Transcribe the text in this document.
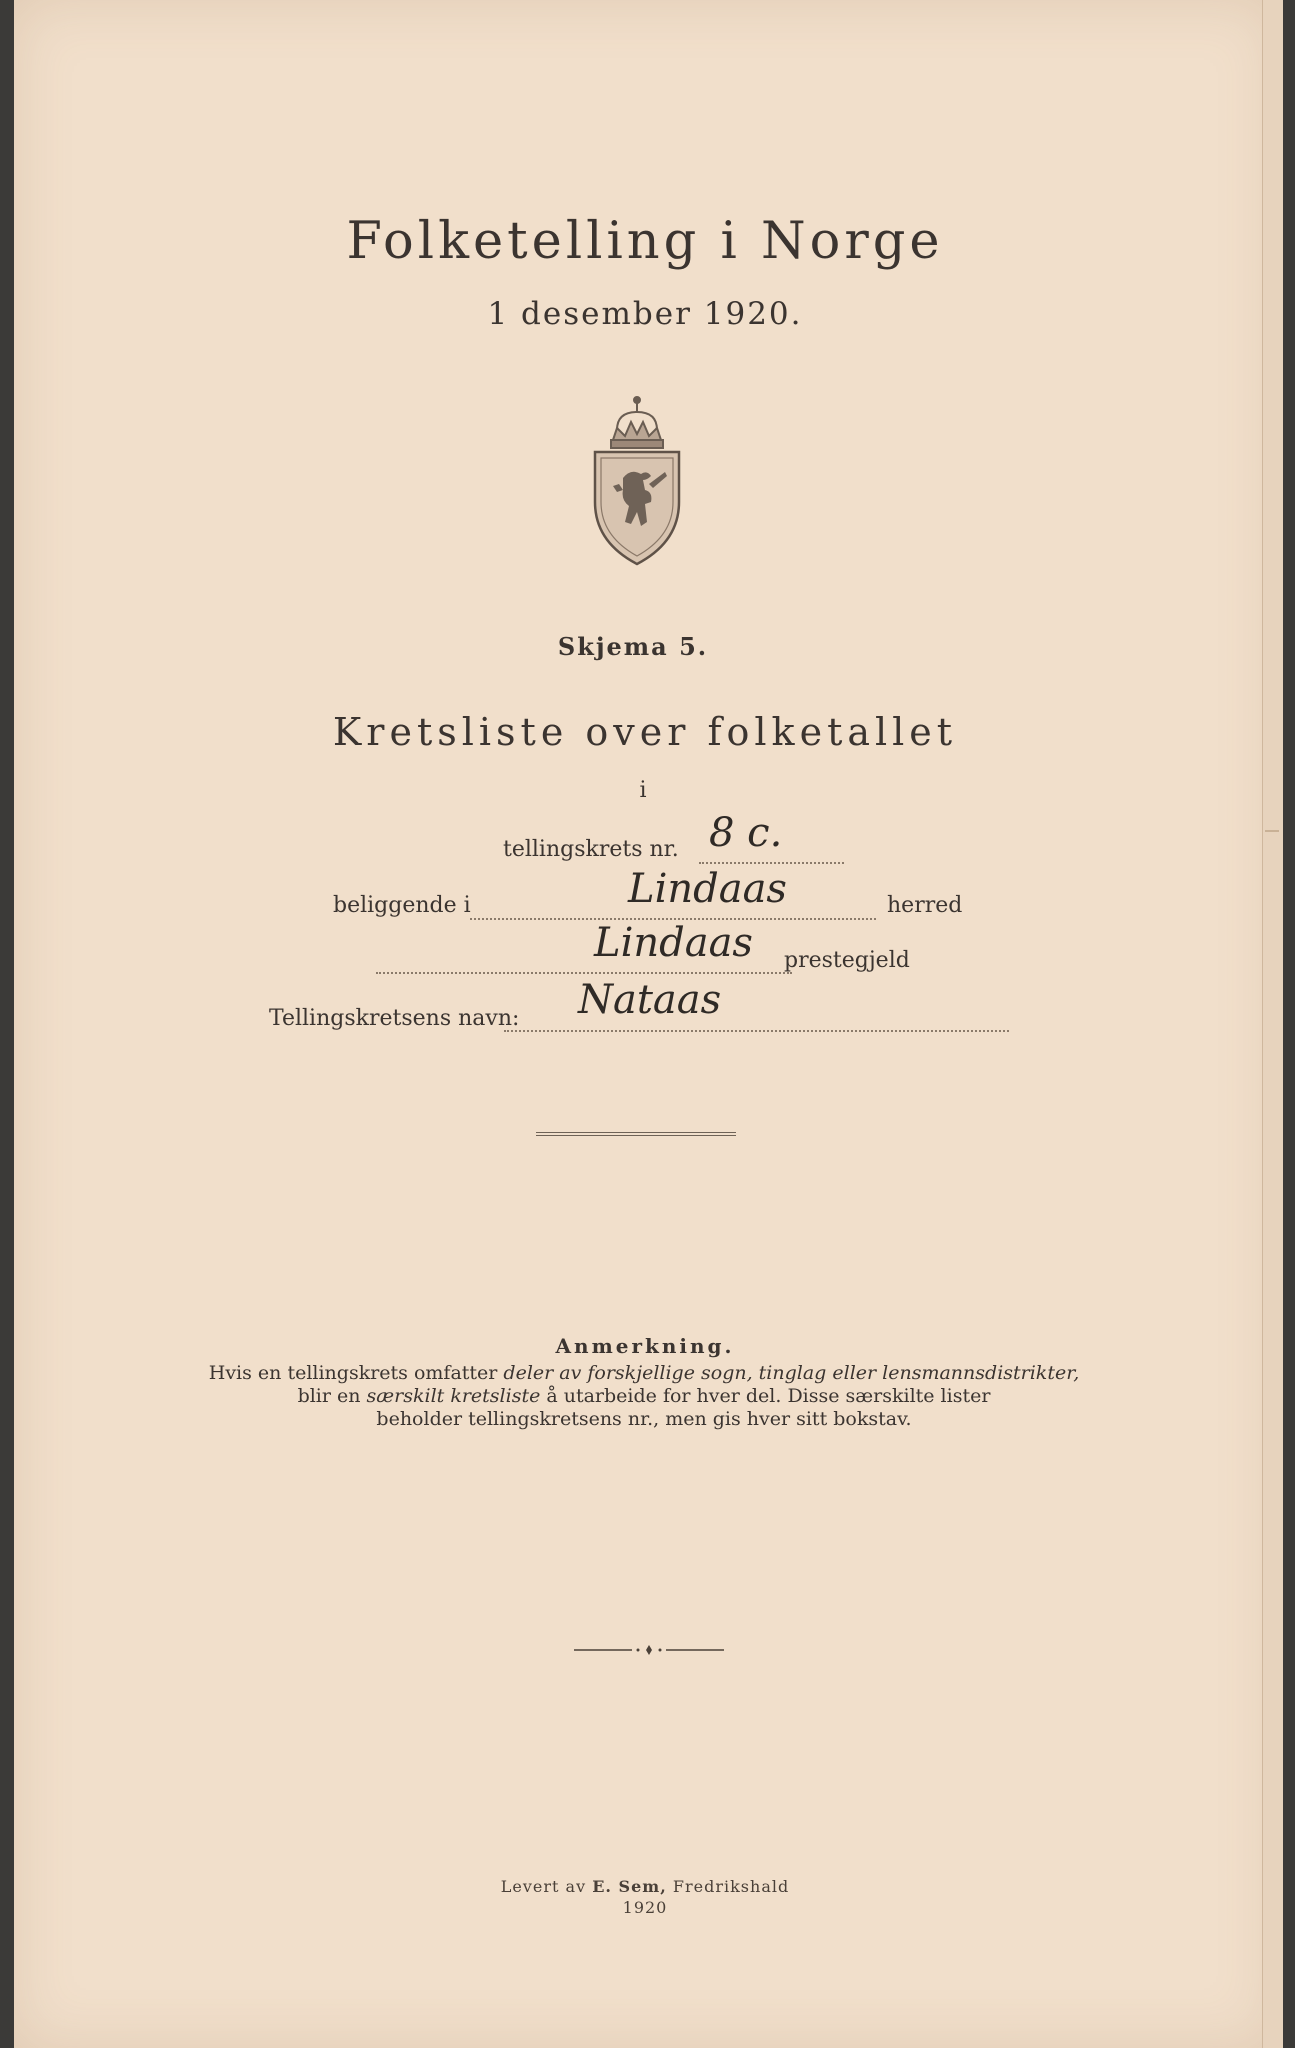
Folketelling i Norge
1 desember 1920.
Skjema 5.
Kretsliste over folketallet
i
tellingskrets nr. 8 c.
beliggende i	Lindaas	herred
Lindaas prestegjeld
Tellingskretsens navn: Nataas
Anmerkning.
Hvis en tellingskrets omfatter deler av forskjellige sogn, tinglag eller lensmannsdistrikter,
blir en særskilt kretsliste å utarbeide for hver del. Disse særskilte lister
beholder tellingskretsens nr., men gis hver sitt bokstav.
Levert av E. Sem, Fredrikshald
1920
